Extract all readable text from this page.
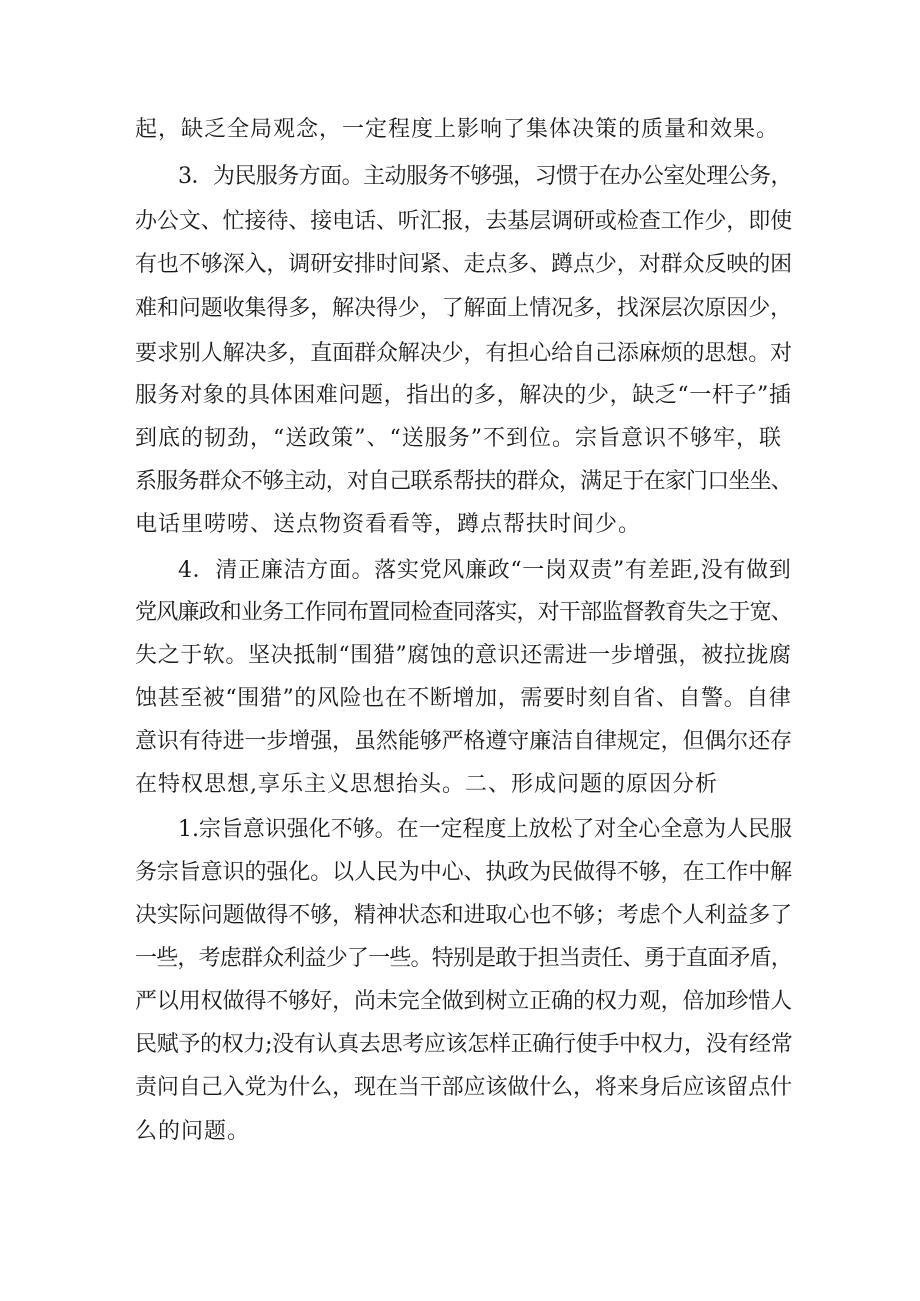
起，缺乏全局观念，一定程度上影响了集体决策的质量和效果。
3．为民服务方面。主动服务不够强，习惯于在办公室处理公务，
办公文、忙接待、接电话、听汇报，去基层调研或检查工作少，即使
有也不够深入，调研安排时间紧、走点多、蹲点少，对群众反映的困
难和问题收集得多，解决得少，了解面上情况多，找深层次原因少，
要求别人解决多，直面群众解决少，有担心给自己添麻烦的思想。对
服务对象的具体困难问题，指出的多，解决的少，缺乏“一杆子”插
到底的韧劲，“送政策”、“送服务”不到位。宗旨意识不够牢，联
系服务群众不够主动，对自己联系帮扶的群众，满足于在家门口坐坐、
电话里唠唠、送点物资看看等，蹲点帮扶时间少。
4．清正廉洁方面。落实党风廉政“一岗双责”有差距,没有做到
党风廉政和业务工作同布置同检查同落实，对干部监督教育失之于宽、
失之于软。坚决抵制“围猎”腐蚀的意识还需进一步增强，被拉拢腐
蚀甚至被“围猎”的风险也在不断增加，需要时刻自省、自警。自律
意识有待进一步增强，虽然能够严格遵守廉洁自律规定，但偶尔还存
在特权思想,享乐主义思想抬头。二、形成问题的原因分析
1.宗旨意识强化不够。在一定程度上放松了对全心全意为人民服
务宗旨意识的强化。以人民为中心、执政为民做得不够，在工作中解
决实际问题做得不够，精神状态和进取心也不够；考虑个人利益多了
一些，考虑群众利益少了一些。特别是敢于担当责任、勇于直面矛盾，
严以用权做得不够好，尚未完全做到树立正确的权力观，倍加珍惜人
民赋予的权力;没有认真去思考应该怎样正确行使手中权力，没有经常
责问自己入党为什么，现在当干部应该做什么，将来身后应该留点什
么的问题。
